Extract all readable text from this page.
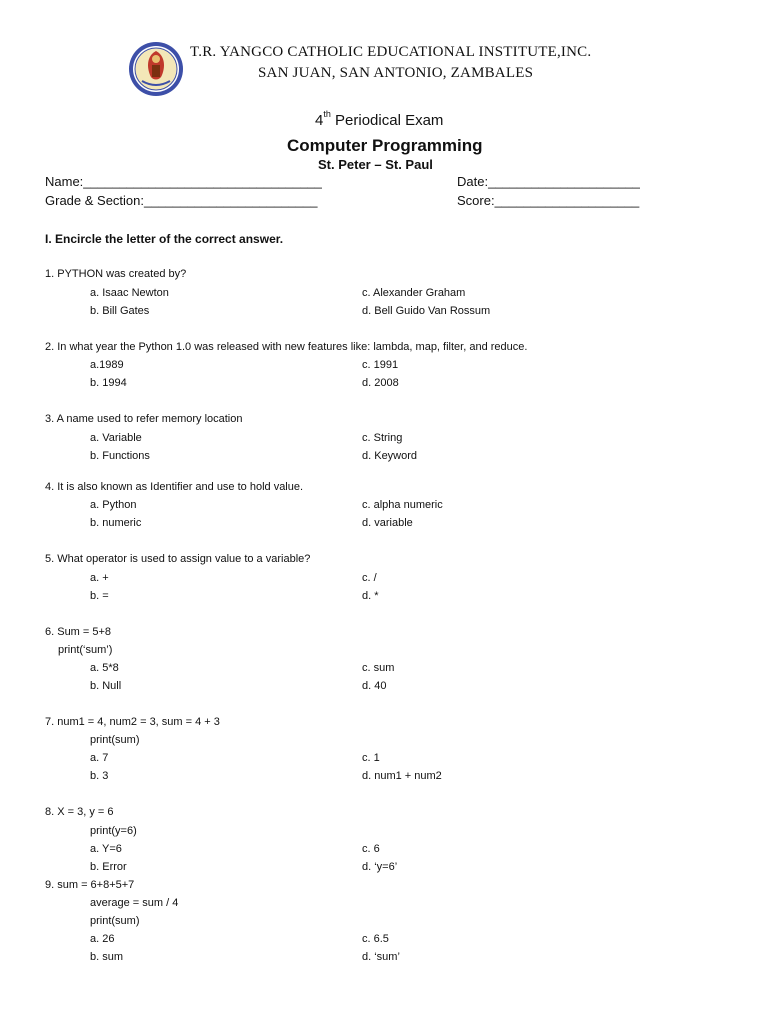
T.R. YANGCO CATHOLIC EDUCATIONAL INSTITUTE,INC.
SAN JUAN, SAN ANTONIO, ZAMBALES
4th Periodical Exam
Computer Programming
St. Peter – St. Paul
Name:_________________________________	Date:_____________________
Grade & Section:________________________	Score:____________________
I. Encircle the letter of the correct answer.
1. PYTHON was created by?
a. Isaac Newton
b. Bill Gates
c. Alexander Graham
d. Bell Guido Van Rossum
2. In what year the Python 1.0 was released with new features like: lambda, map, filter, and reduce.
a.1989
b. 1994
c. 1991
d. 2008
3. A name used to refer memory location
a. Variable
b. Functions
c. String
d. Keyword
4. It is also known as Identifier and use to hold value.
a. Python
b. numeric
c. alpha numeric
d. variable
5. What operator is used to assign value to a variable?
a. +
b. =
c. /
d. *
6. Sum = 5+8
print(‘sum’)
a. 5*8
b. Null
c. sum
d. 40
7. num1 = 4, num2 = 3, sum = 4 + 3
print(sum)
a. 7
b. 3
c. 1
d. num1 + num2
8. X = 3, y = 6
print(y=6)
a. Y=6
b. Error
c. 6
d. ‘y=6’
9. sum = 6+8+5+7
average = sum / 4
print(sum)
a. 26
b. sum
c. 6.5
d. ‘sum’
